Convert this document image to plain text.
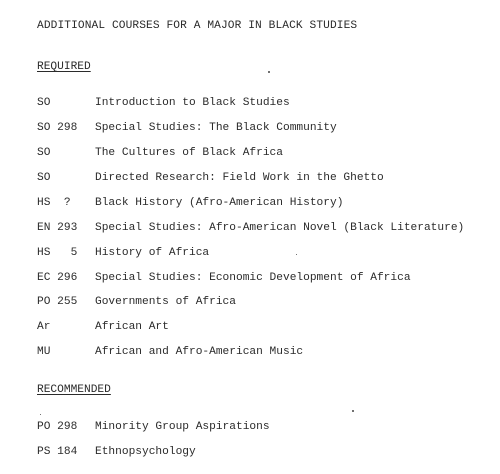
ADDITIONAL COURSES FOR A MAJOR IN BLACK STUDIES
REQUIRED
SO	Introduction to Black Studies
SO 298 Special Studies: The Black Community
SO	The Cultures of Black Africa
SO	Directed Research: Field Work in the Ghetto
HS  ? Black History (Afro-American History)
EN 293 Special Studies: Afro-American Novel (Black Literature)
HS   5 History of Africa
EC 296 Special Studies: Economic Development of Africa
PO 255 Governments of Africa
Ar	African Art
MU	African and Afro-American Music
RECOMMENDED
PO 298 Minority Group Aspirations
PS 184 Ethnopsychology
